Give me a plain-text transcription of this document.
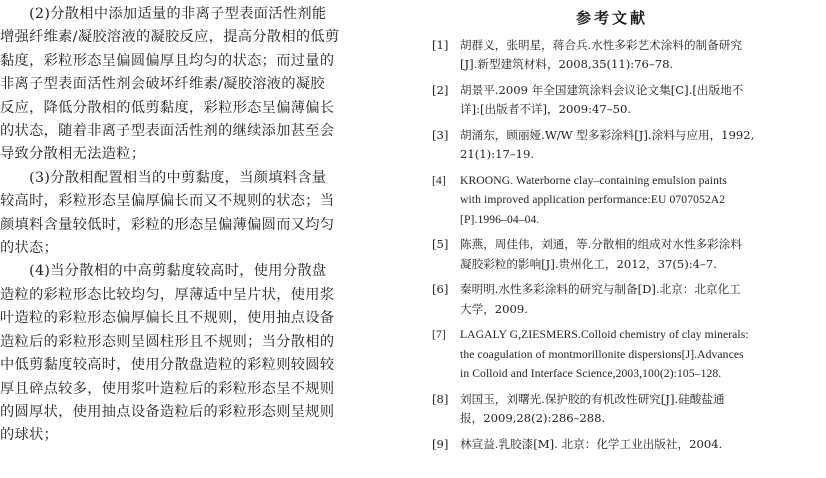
　　(2)分散相中添加适量的非离子型表面活性剂能
增强纤维素/凝胶溶液的凝胶反应，提高分散相的低剪
黏度，彩粒形态呈偏圆偏厚且均匀的状态；而过量的
非离子型表面活性剂会破坏纤维素/凝胶溶液的凝胶
反应，降低分散相的低剪黏度，彩粒形态呈偏薄偏长
的状态，随着非离子型表面活性剂的继续添加甚至会
导致分散相无法造粒；

　　(3)分散相配置相当的中剪黏度，当颜填料含量
较高时，彩粒形态呈偏厚偏长而又不规则的状态；当
颜填料含量较低时，彩粒的形态呈偏薄偏圆而又均匀
的状态；

　　(4)当分散相的中高剪黏度较高时，使用分散盘
造粒的彩粒形态比较均匀，厚薄适中呈片状，使用浆
叶造粒的彩粒形态偏厚偏长且不规则，使用抽点设备
造粒后的彩粒形态则呈圆柱形且不规则；当分散相的
中低剪黏度较高时，使用分散盘造粒的彩粒则较圆较
厚且碎点较多，使用浆叶造粒后的彩粒形态呈不规则
的圆厚状，使用抽点设备造粒后的彩粒形态则呈规则
的球状；

参考文献
[1] 胡群义，张明星，蒋合兵.水性多彩艺术涂料的制备研究
[J].新型建筑材料，2008,35(11):76–78.
[2] 胡景平.2009 年全国建筑涂料会议论文集[C].[出版地不
详]:[出版者不详]，2009:47–50.
[3] 胡涌东，顾丽娅.W/W 型多彩涂料[J].涂料与应用，1992,
21(1):17–19.
[4] KROONG. Waterborne clay–containing emulsion paints
with improved application performance:EU 0707052A2
[P].1996–04–04.
[5] 陈燕，周佳伟，刘通，等.分散相的组成对水性多彩涂料
凝胶彩粒的影响[J].贵州化工，2012，37(5):4–7.
[6] 秦明明.水性多彩涂料的研究与制备[D].北京：北京化工
大学，2009.
[7] LAGALY G,ZIESMERS.Colloid chemistry of clay minerals:
the coagulation of montmorillonite dispersions[J].Advances
in Colloid and Interface Science,2003,100(2):105–128.
[8] 刘国玉，刘曙光.保护胶的有机改性研究[J].硅酸盐通
报，2009,28(2):286–288.
[9] 林宣益.乳胶漆[M]. 北京：化学工业出版社，2004.
